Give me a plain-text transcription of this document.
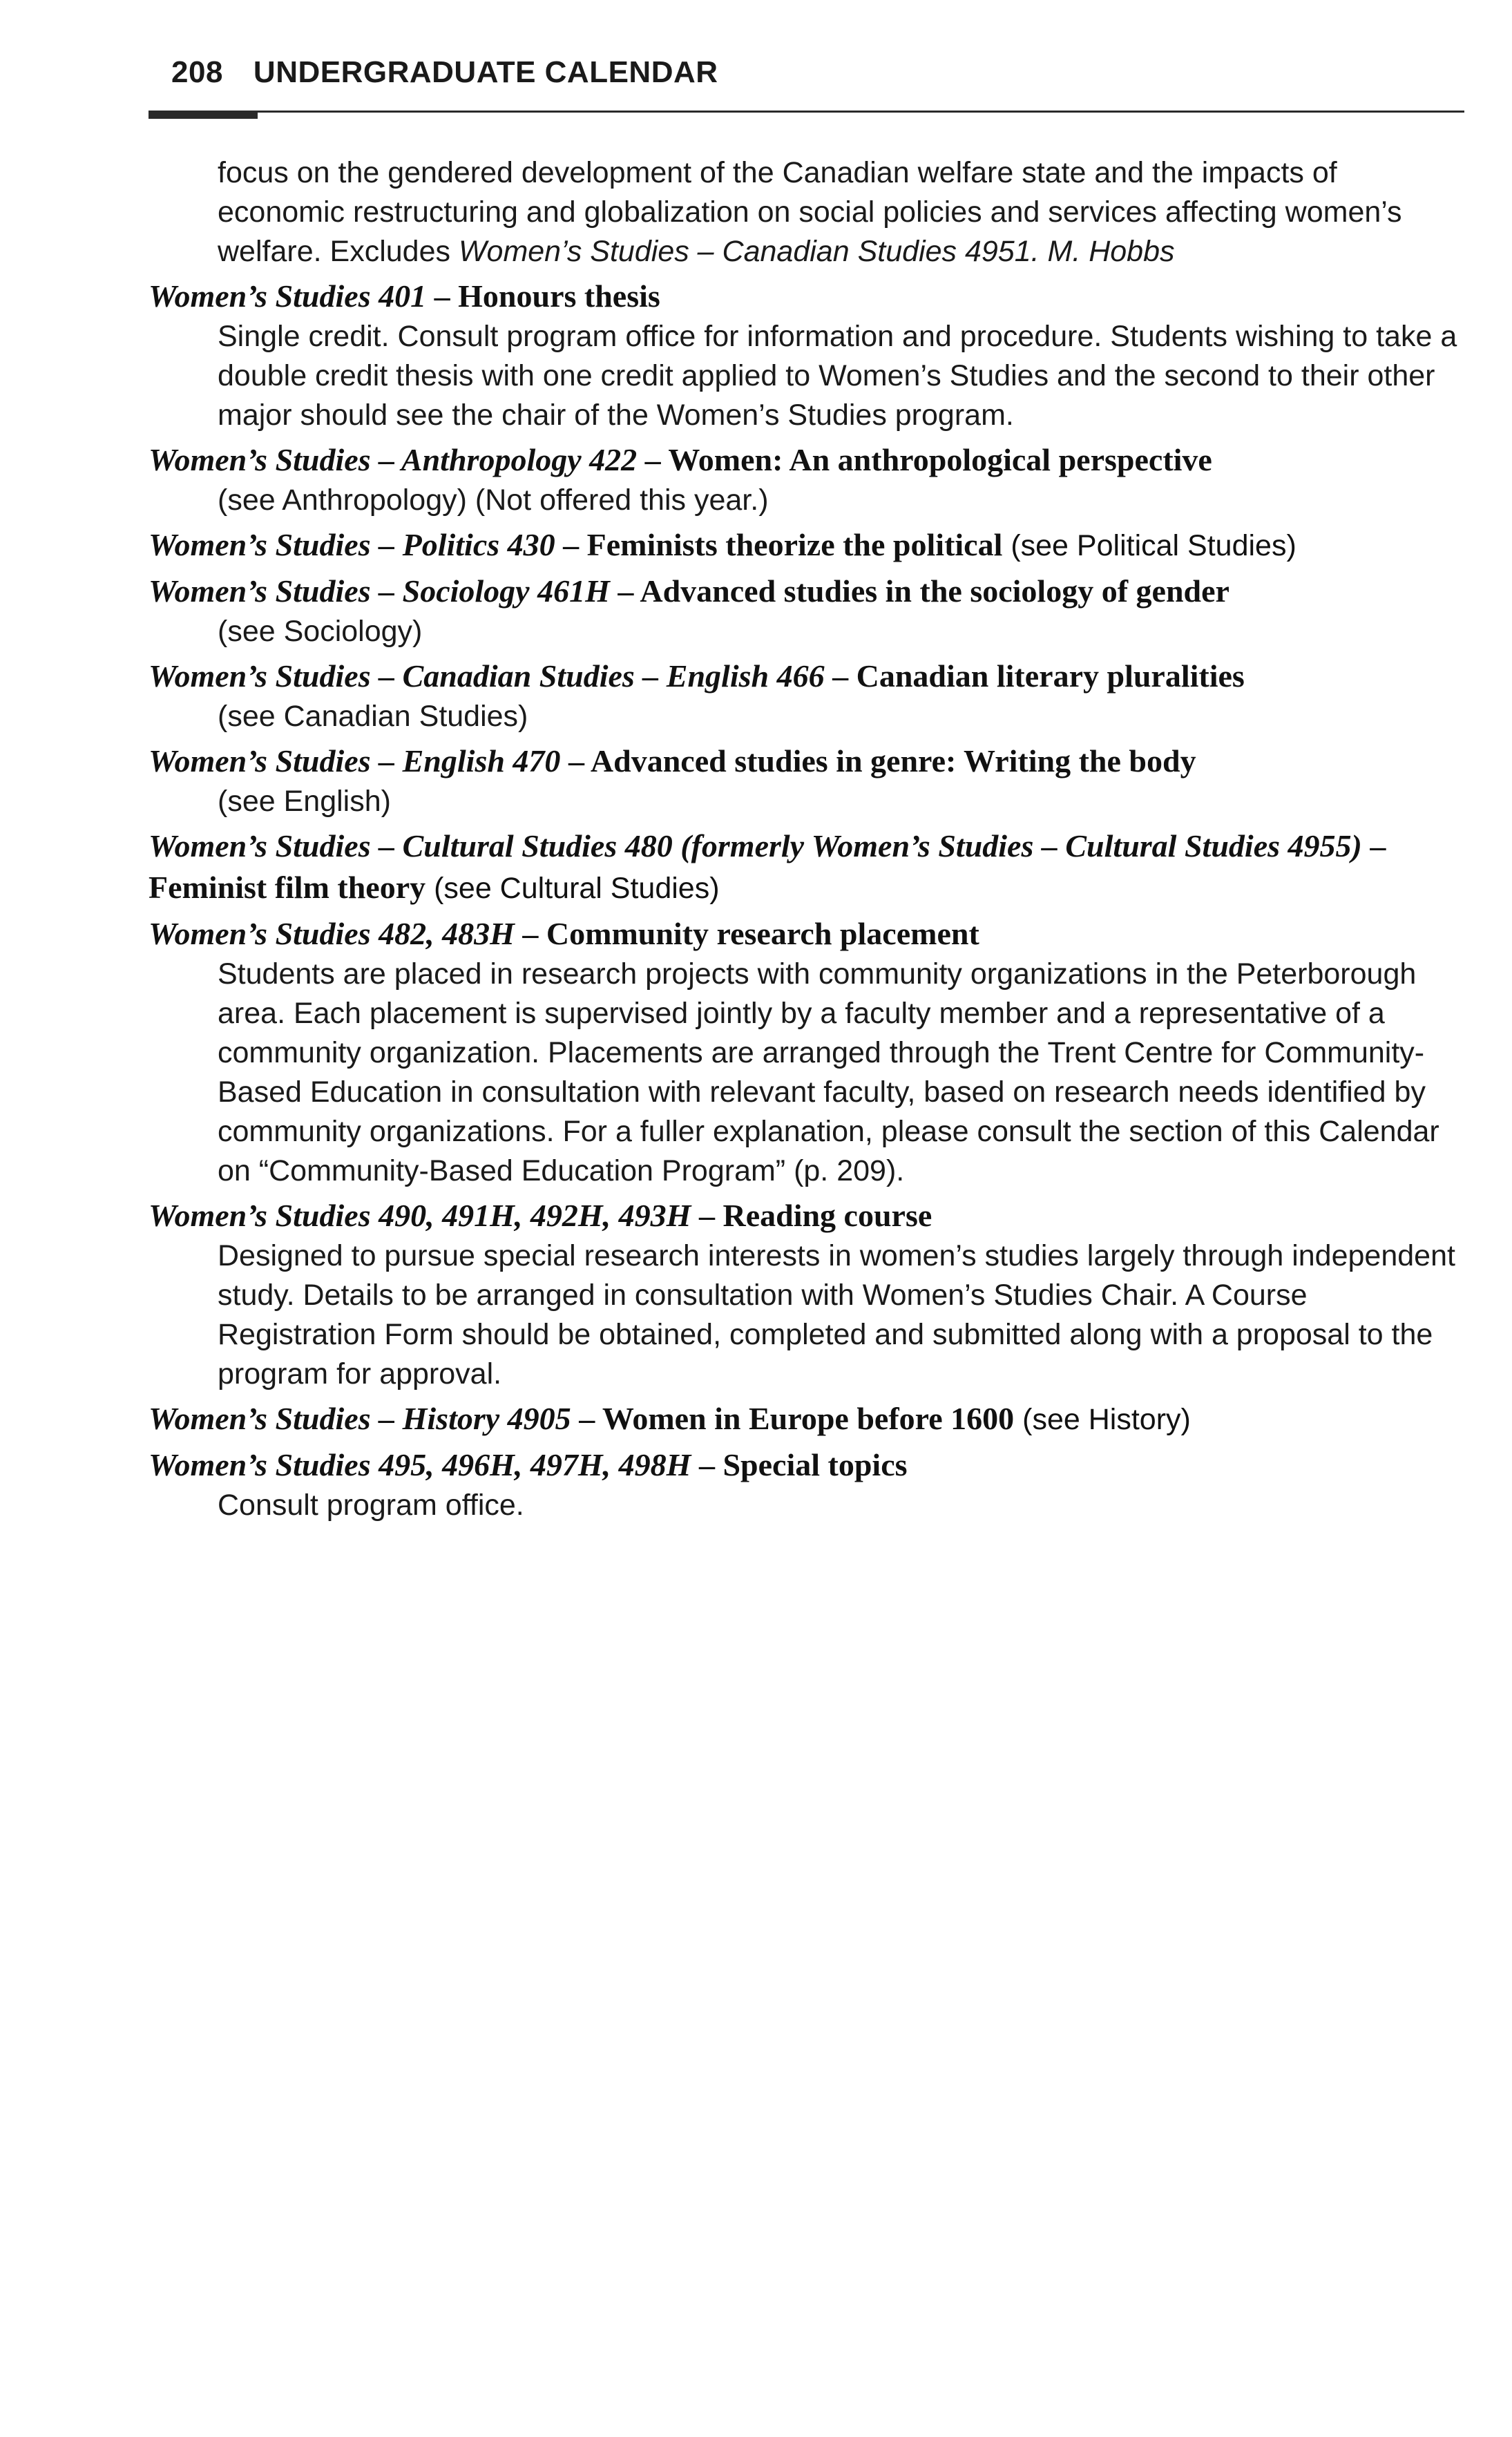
208 UNDERGRADUATE CALENDAR

focus on the gendered development of the Canadian welfare state and the impacts of economic restructuring and globalization on social policies and services affecting women’s welfare. Excludes Women’s Studies – Canadian Studies 4951. M. Hobbs

Women’s Studies 401 – Honours thesis

Single credit. Consult program office for information and procedure. Students wishing to take a double credit thesis with one credit applied to Women’s Studies and the second to their other major should see the chair of the Women’s Studies program.

Women’s Studies – Anthropology 422 – Women: An anthropological perspective

(see Anthropology) (Not offered this year.)

Women’s Studies – Politics 430 – Feminists theorize the political (see Political Studies)

Women’s Studies – Sociology 461H – Advanced studies in the sociology of gender

(see Sociology)

Women’s Studies – Canadian Studies – English 466 – Canadian literary pluralities

(see Canadian Studies)

Women’s Studies – English 470 – Advanced studies in genre: Writing the body

(see English)

Women’s Studies – Cultural Studies 480 (formerly Women’s Studies – Cultural Studies 4955) – Feminist film theory (see Cultural Studies)

Women’s Studies 482, 483H – Community research placement

Students are placed in research projects with community organizations in the Peterborough area. Each placement is supervised jointly by a faculty member and a representative of a community organization. Placements are arranged through the Trent Centre for Community-Based Education in consultation with relevant faculty, based on research needs identified by community organizations. For a fuller explanation, please consult the section of this Calendar on “Community-Based Education Program” (p. 209).

Women’s Studies 490, 491H, 492H, 493H – Reading course

Designed to pursue special research interests in women’s studies largely through independent study. Details to be arranged in consultation with Women’s Studies Chair. A Course Registration Form should be obtained, completed and submitted along with a proposal to the program for approval.

Women’s Studies – History 4905 – Women in Europe before 1600 (see History)

Women’s Studies 495, 496H, 497H, 498H – Special topics

Consult program office.
